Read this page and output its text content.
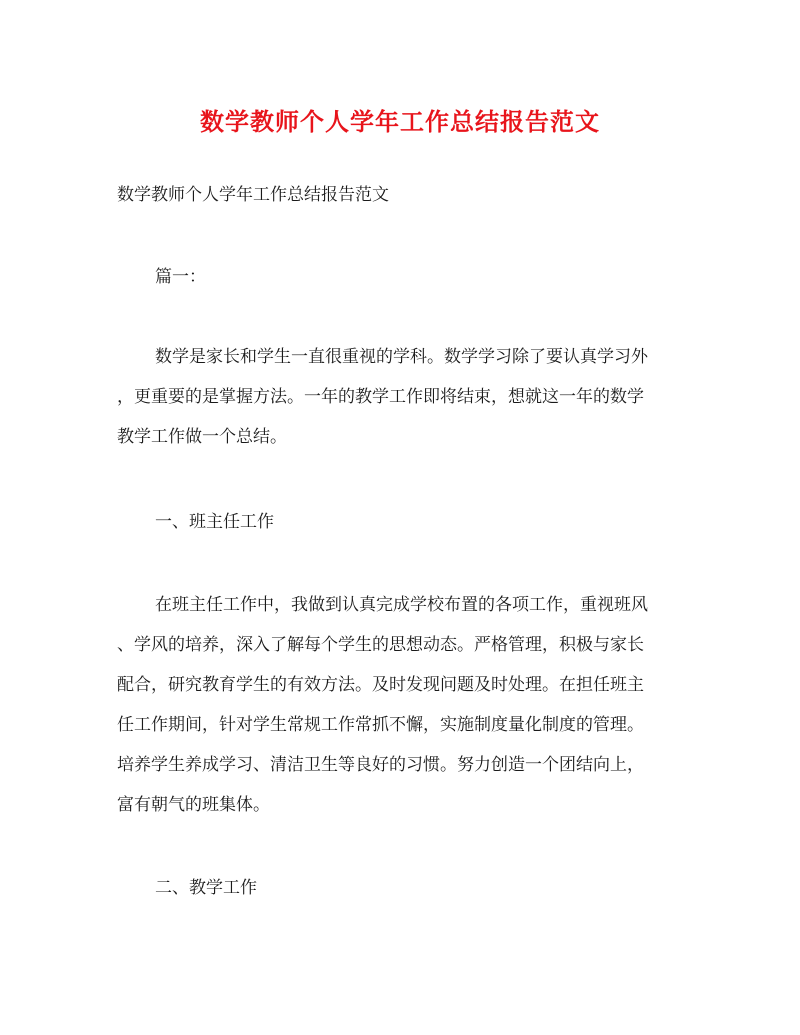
数学教师个人学年工作总结报告范文
数学教师个人学年工作总结报告范文
篇一：
数学是家长和学生一直很重视的学科。数学学习除了要认真学习外
，更重要的是掌握方法。一年的教学工作即将结束，想就这一年的数学
教学工作做一个总结。
一、班主任工作
在班主任工作中，我做到认真完成学校布置的各项工作，重视班风
、学风的培养，深入了解每个学生的思想动态。严格管理，积极与家长
配合，研究教育学生的有效方法。及时发现问题及时处理。在担任班主
任工作期间，针对学生常规工作常抓不懈，实施制度量化制度的管理。
培养学生养成学习、清洁卫生等良好的习惯。努力创造一个团结向上，
富有朝气的班集体。
二、教学工作
